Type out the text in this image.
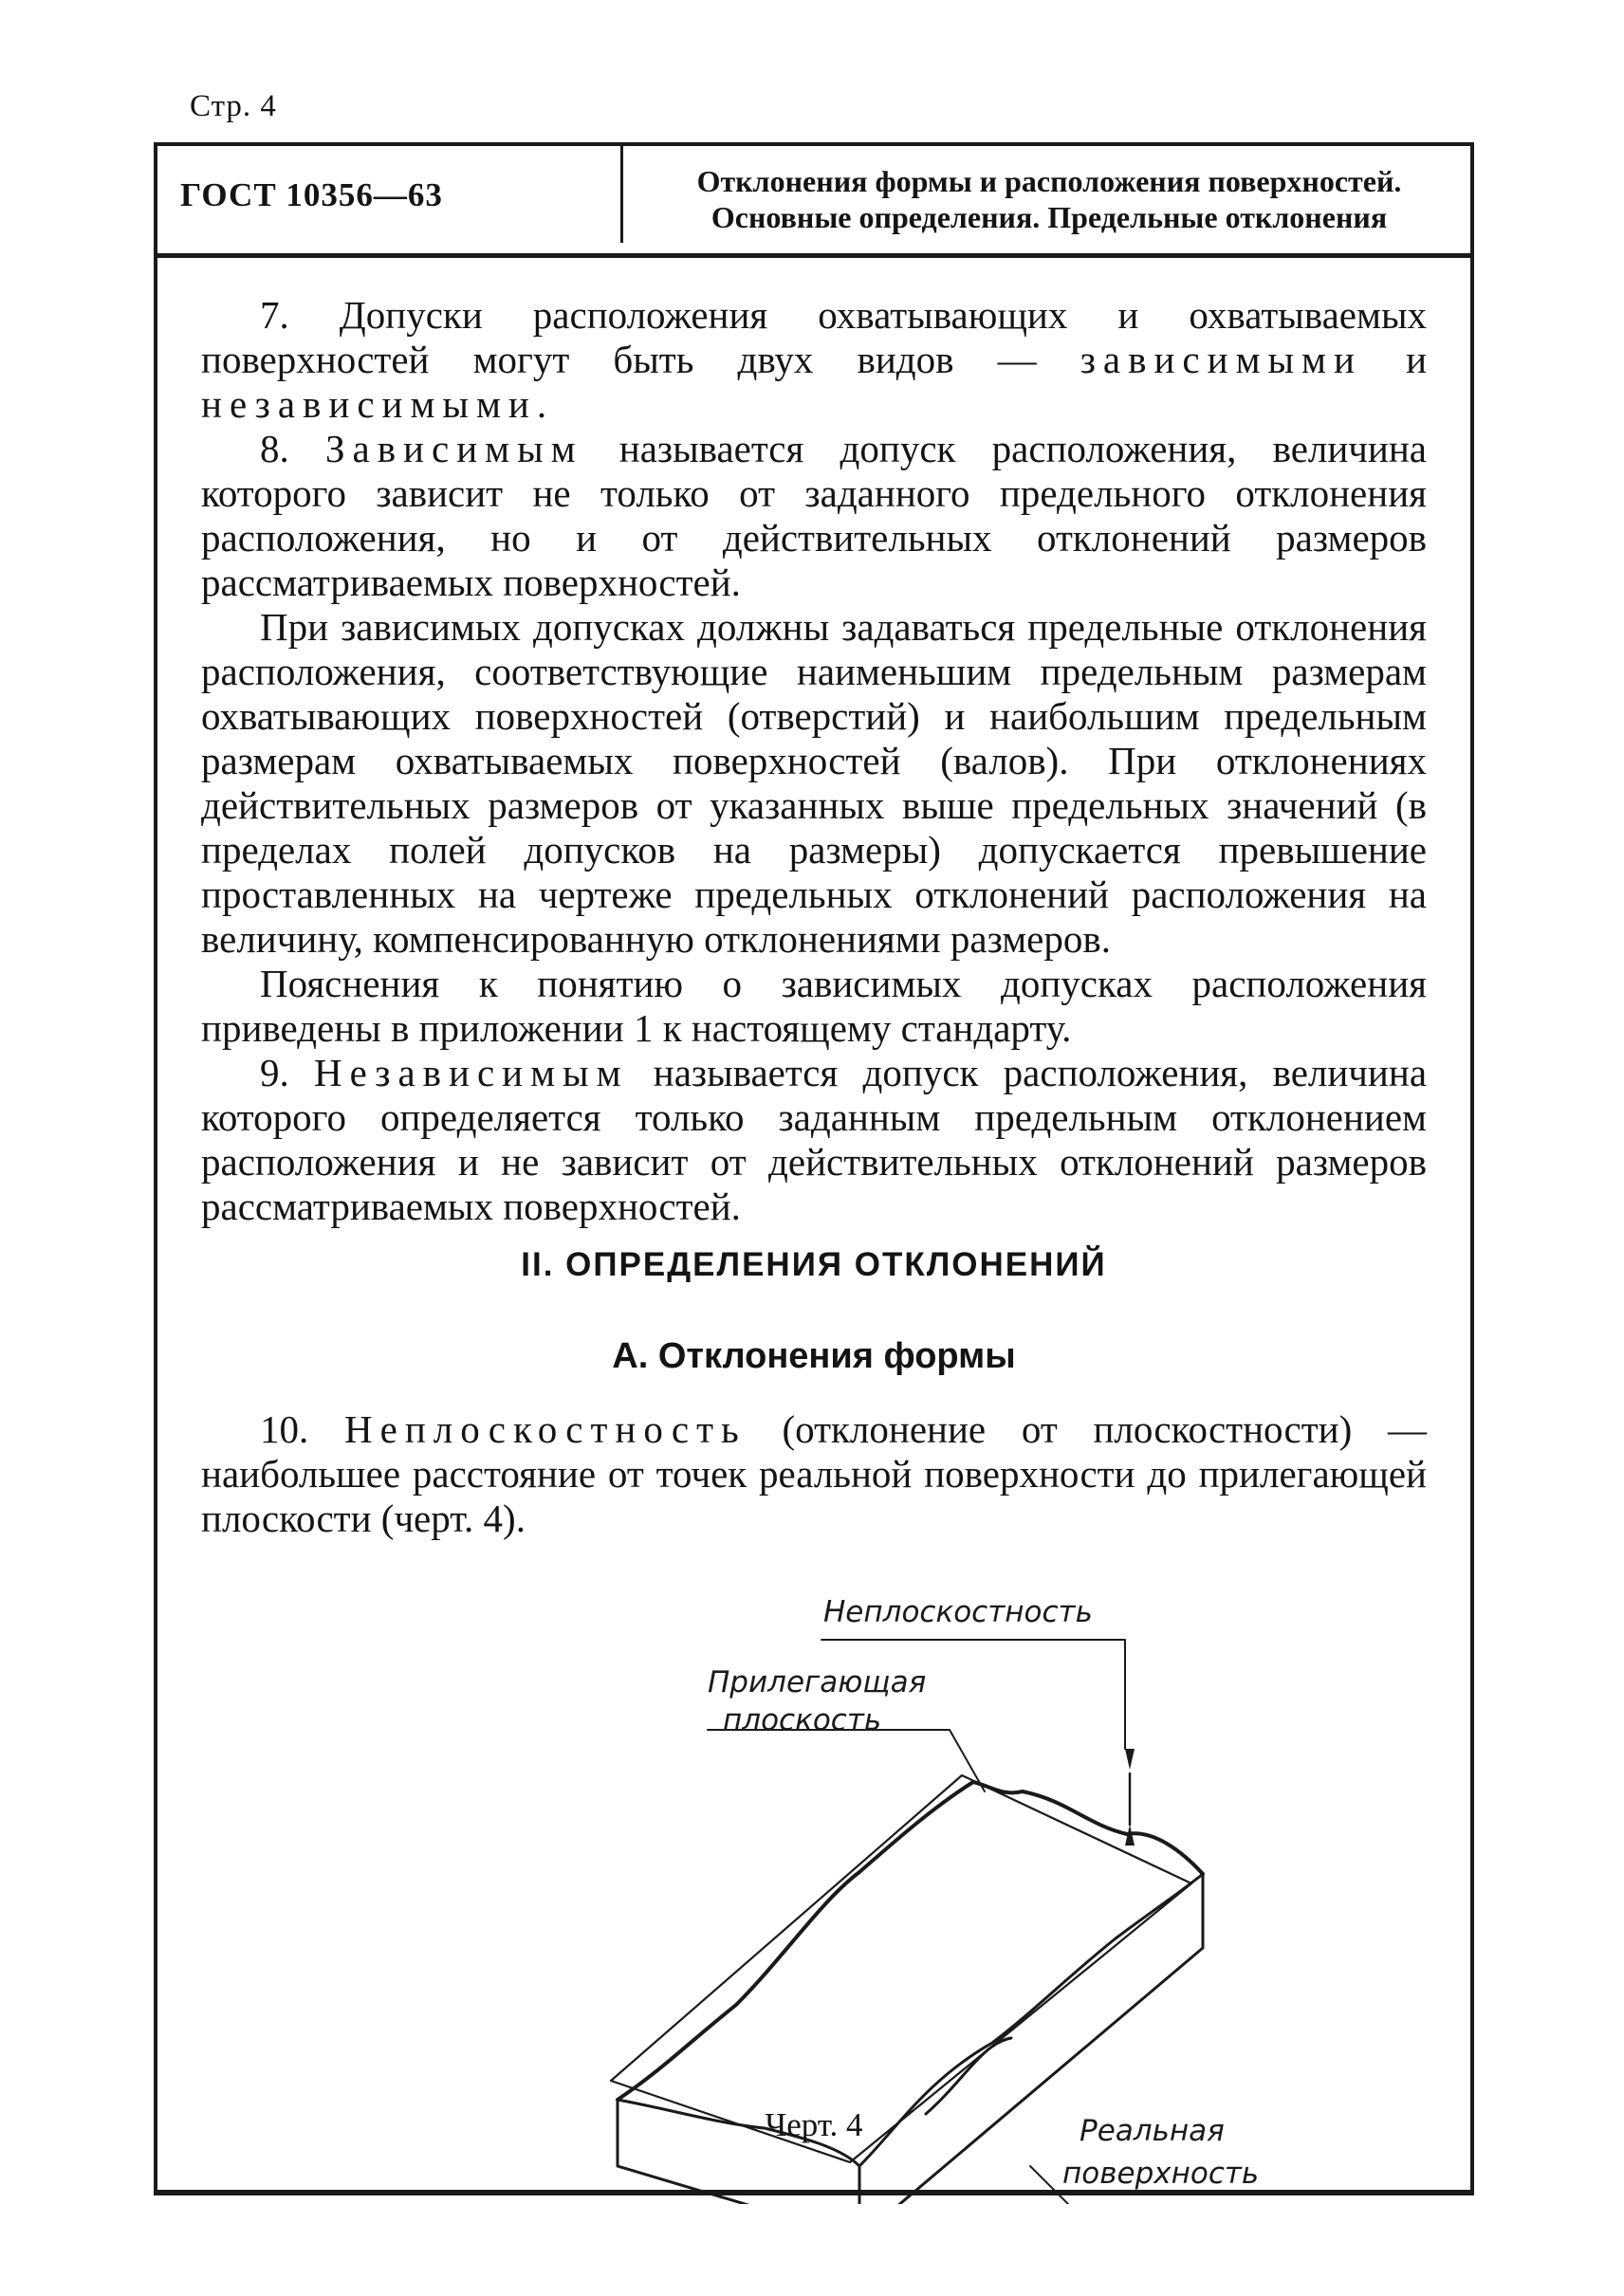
Стр. 4
ГОСТ 10356—63	Отклонения формы и расположения поверхностей.
Основные определения. Предельные отклонения

7. Допуски расположения охватывающих и охватываемых поверхностей могут быть двух видов — зависимыми и независимыми.

8. Зависимым называется допуск расположения, величина которого зависит не только от заданного предельного отклонения расположения, но и от действительных отклонений размеров рассматриваемых поверхностей.

При зависимых допусках должны задаваться предельные отклонения расположения, соответствующие наименьшим предельным размерам охватывающих поверхностей (отверстий) и наибольшим предельным размерам охватываемых поверхностей (валов). При отклонениях действительных размеров от указанных выше предельных значений (в пределах полей допусков на размеры) допускается превышение проставленных на чертеже предельных отклонений расположения на величину, компенсированную отклонениями размеров.

Пояснения к понятию о зависимых допусках расположения приведены в приложении 1 к настоящему стандарту.

9. Независимым называется допуск расположения, величина которого определяется только заданным предельным отклонением расположения и не зависит от действительных отклонений размеров рассматриваемых поверхностей.

II. ОПРЕДЕЛЕНИЯ ОТКЛОНЕНИЙ
А. Отклонения формы

10. Неплоскостность (отклонение от плоскостности) — наибольшее расстояние от точек реальной поверхности до прилегающей плоскости (черт. 4).

Неплоскостность
Прилегающая
плоскость
Реальная
поверхность
Черт. 4
